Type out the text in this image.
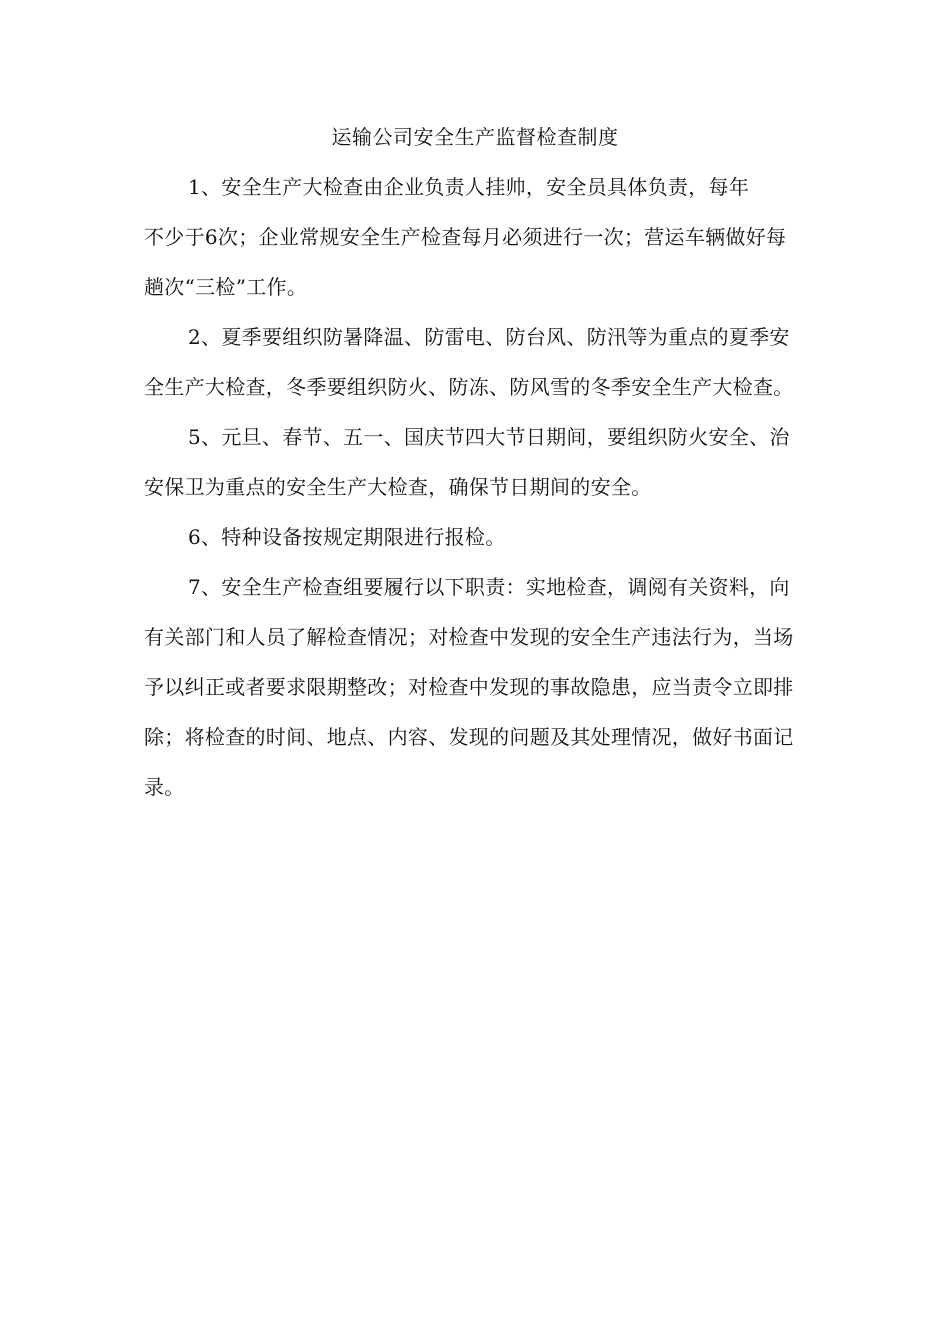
运输公司安全生产监督检查制度
1、安全生产大检查由企业负责人挂帅，安全员具体负责，每年
不少于6次；企业常规安全生产检查每月必须进行一次；营运车辆做好每
趟次“三检”工作。
2、夏季要组织防暑降温、防雷电、防台风、防汛等为重点的夏季安
全生产大检查，冬季要组织防火、防冻、防风雪的冬季安全生产大检查。
5、元旦、春节、五一、国庆节四大节日期间，要组织防火安全、治
安保卫为重点的安全生产大检查，确保节日期间的安全。
6、特种设备按规定期限进行报检。
7、安全生产检查组要履行以下职责：实地检查，调阅有关资料，向
有关部门和人员了解检查情况；对检查中发现的安全生产违法行为，当场
予以纠正或者要求限期整改；对检查中发现的事故隐患，应当责令立即排
除；将检查的时间、地点、内容、发现的问题及其处理情况，做好书面记
录。
